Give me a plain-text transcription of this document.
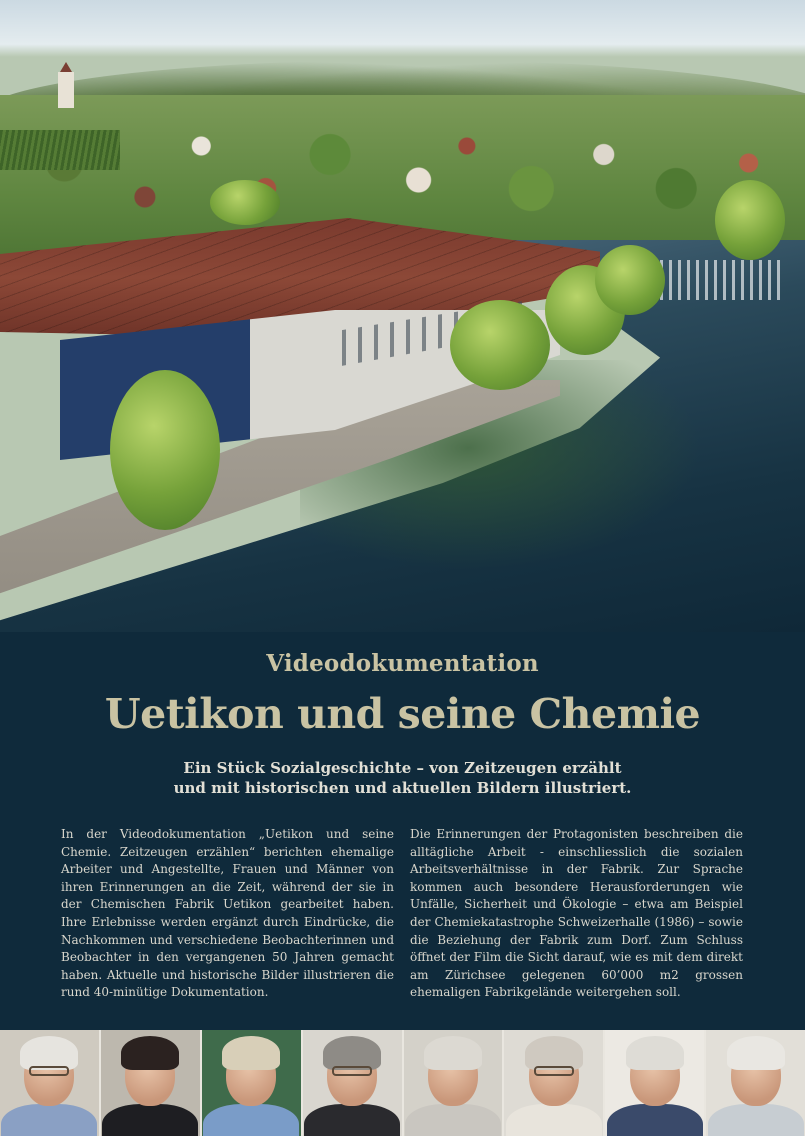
Videodokumentation
Uetikon und seine Chemie
Ein Stück Sozialgeschichte – von Zeitzeugen erzählt
und mit historischen und aktuellen Bildern illustriert.
In der Videodokumentation „Uetikon und seine Chemie. Zeitzeugen erzählen“ berichten ehemalige Arbeiter und Angestellte, Frauen und Männer von ihren Erinnerungen an die Zeit, während der sie in der Chemischen Fabrik Uetikon gearbeitet haben. Ihre Erlebnisse werden ergänzt durch Eindrücke, die Nachkommen und verschiedene Beobachterinnen und Beobachter in den vergangenen 50 Jahren gemacht haben. Aktuelle und historische Bilder illustrieren die rund 40-minütige Dokumentation.
Die Erinnerungen der Protagonisten beschreiben die alltägliche Arbeit - einschliesslich die sozialen Arbeitsverhältnisse in der Fabrik. Zur Sprache kommen auch besondere Herausforderungen wie Unfälle, Sicherheit und Ökologie – etwa am Beispiel der Chemiekatastrophe Schweizerhalle (1986) – sowie die Beziehung der Fabrik zum Dorf. Zum Schluss öffnet der Film die Sicht darauf, wie es mit dem direkt am Zürichsee gelegenen 60’000 m2 grossen ehemaligen Fabrikgelände weitergehen soll.
